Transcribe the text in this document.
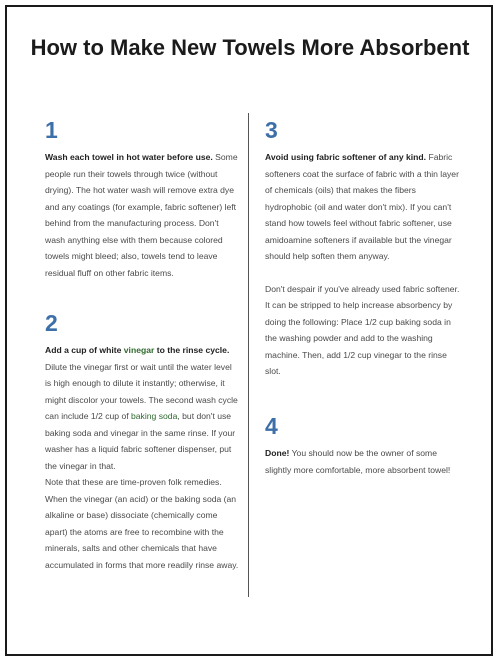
How to Make New Towels More Absorbent
1

Wash each towel in hot water before use. Some people run their towels through twice (without drying). The hot water wash will remove extra dye and any coatings (for example, fabric softener) left behind from the manufacturing process. Don't wash anything else with them because colored towels might bleed; also, towels tend to leave residual fluff on other fabric items.

2

Add a cup of white vinegar to the rinse cycle. Dilute the vinegar first or wait until the water level is high enough to dilute it instantly; otherwise, it might discolor your towels. The second wash cycle can include 1/2 cup of baking soda, but don't use baking soda and vinegar in the same rinse. If your washer has a liquid fabric softener dispenser, put the vinegar in that.

Note that these are time-proven folk remedies. When the vinegar (an acid) or the baking soda (an alkaline or base) dissociate (chemically come apart) the atoms are free to recombine with the minerals, salts and other chemicals that have accumulated in forms that more readily rinse away.

3

Avoid using fabric softener of any kind. Fabric softeners coat the surface of fabric with a thin layer of chemicals (oils) that makes the fibers hydrophobic (oil and water don't mix). If you can't stand how towels feel without fabric softener, use amidoamine softeners if available but the vinegar should help soften them anyway.

Don't despair if you've already used fabric softener. It can be stripped to help increase absorbency by doing the following: Place 1/2 cup baking soda in the washing powder and add to the washing machine. Then, add 1/2 cup vinegar to the rinse slot.

4

Done! You should now be the owner of some slightly more comfortable, more absorbent towel!
